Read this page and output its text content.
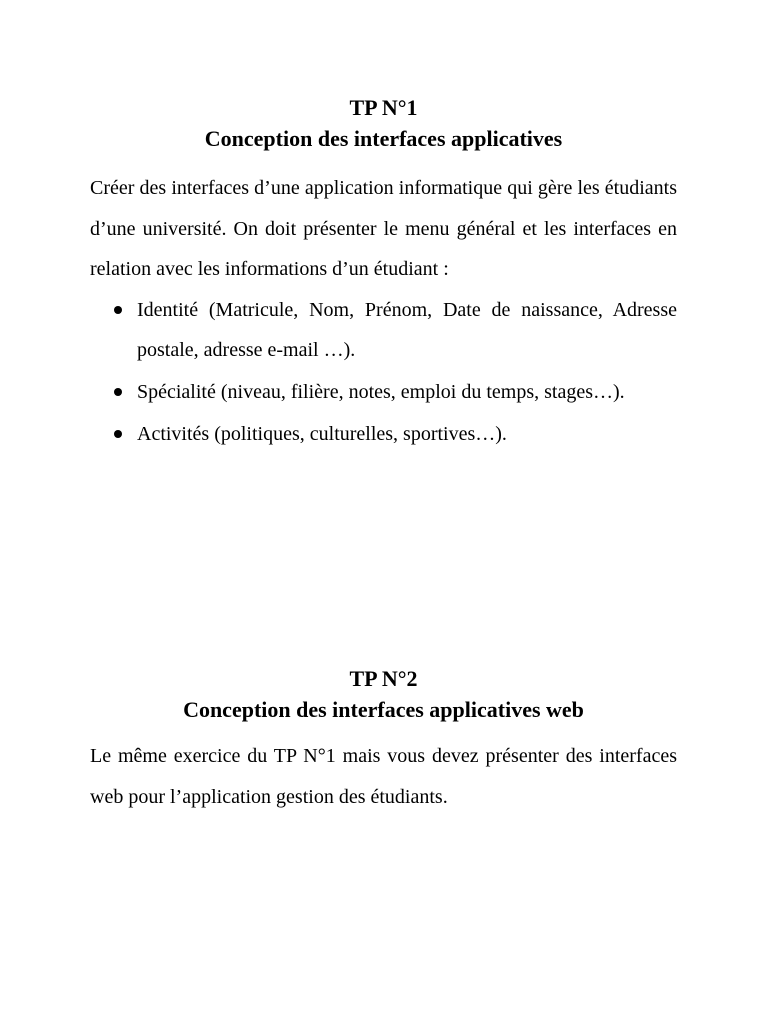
TP N°1
Conception des interfaces applicatives

Créer des interfaces d’une application informatique qui gère les étudiants d’une université. On doit présenter le menu général et les interfaces en relation avec les informations d’un étudiant :

Identité (Matricule, Nom, Prénom, Date de naissance, Adresse postale, adresse e-mail …).
Spécialité (niveau, filière, notes, emploi du temps, stages…).
Activités (politiques, culturelles, sportives…).
TP N°2
Conception des interfaces applicatives web

Le même exercice du TP N°1 mais vous devez présenter des interfaces web pour l’application gestion des étudiants.
